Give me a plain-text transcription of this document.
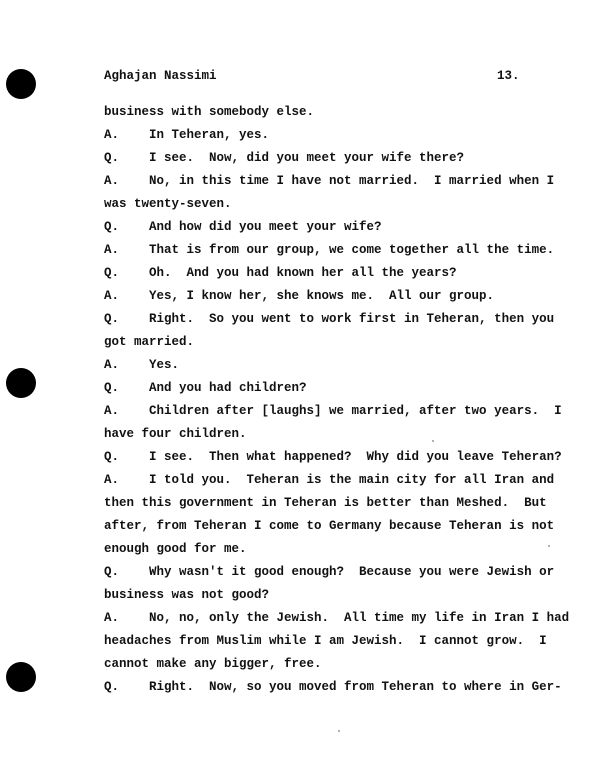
Aghajan Nassimi	13.
business with somebody else.
A.    In Teheran, yes.
Q.    I see.  Now, did you meet your wife there?
A.    No, in this time I have not married.  I married when I
was twenty-seven.
Q.    And how did you meet your wife?
A.    That is from our group, we come together all the time.
Q.    Oh.  And you had known her all the years?
A.    Yes, I know her, she knows me.  All our group.
Q.    Right.  So you went to work first in Teheran, then you
got married.
A.    Yes.
Q.    And you had children?
A.    Children after [laughs] we married, after two years.  I
have four children.
Q.    I see.  Then what happened?  Why did you leave Teheran?
A.    I told you.  Teheran is the main city for all Iran and
then this government in Teheran is better than Meshed.  But
after, from Teheran I come to Germany because Teheran is not
enough good for me.
Q.    Why wasn't it good enough?  Because you were Jewish or
business was not good?
A.    No, no, only the Jewish.  All time my life in Iran I had
headaches from Muslim while I am Jewish.  I cannot grow.  I
cannot make any bigger, free.
Q.    Right.  Now, so you moved from Teheran to where in Ger-
